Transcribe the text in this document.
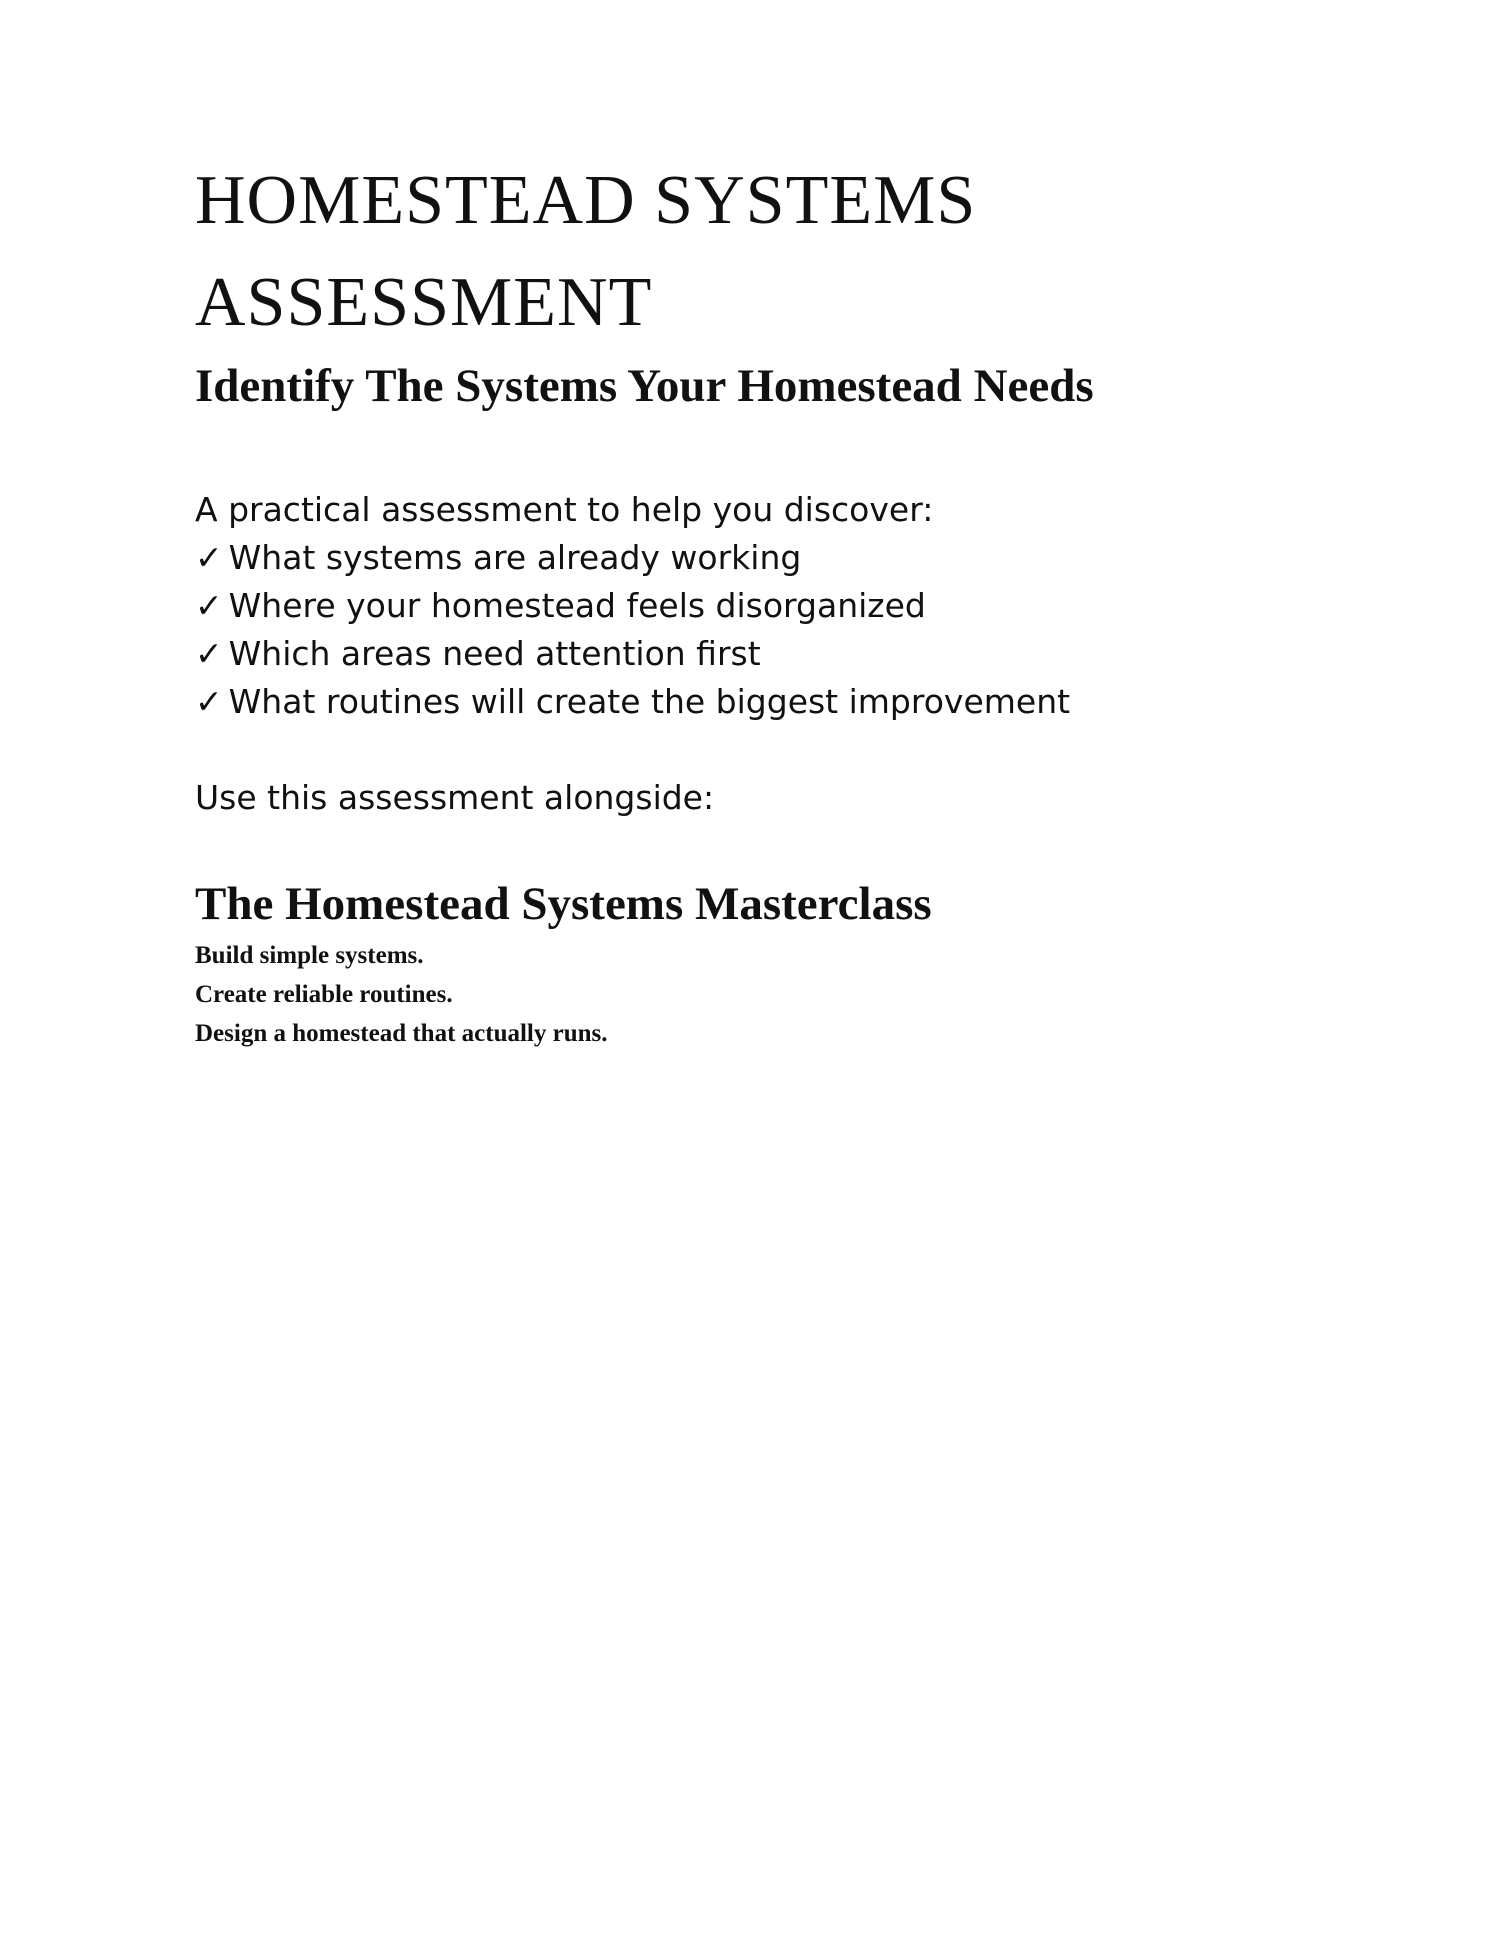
HOMESTEAD SYSTEMS
ASSESSMENT
Identify The Systems Your Homestead Needs

A practical assessment to help you discover:

✓ What systems are already working
✓ Where your homestead feels disorganized
✓ Which areas need attention first
✓ What routines will create the biggest improvement

Use this assessment alongside:

The Homestead Systems Masterclass
Build simple systems.
Create reliable routines.
Design a homestead that actually runs.
